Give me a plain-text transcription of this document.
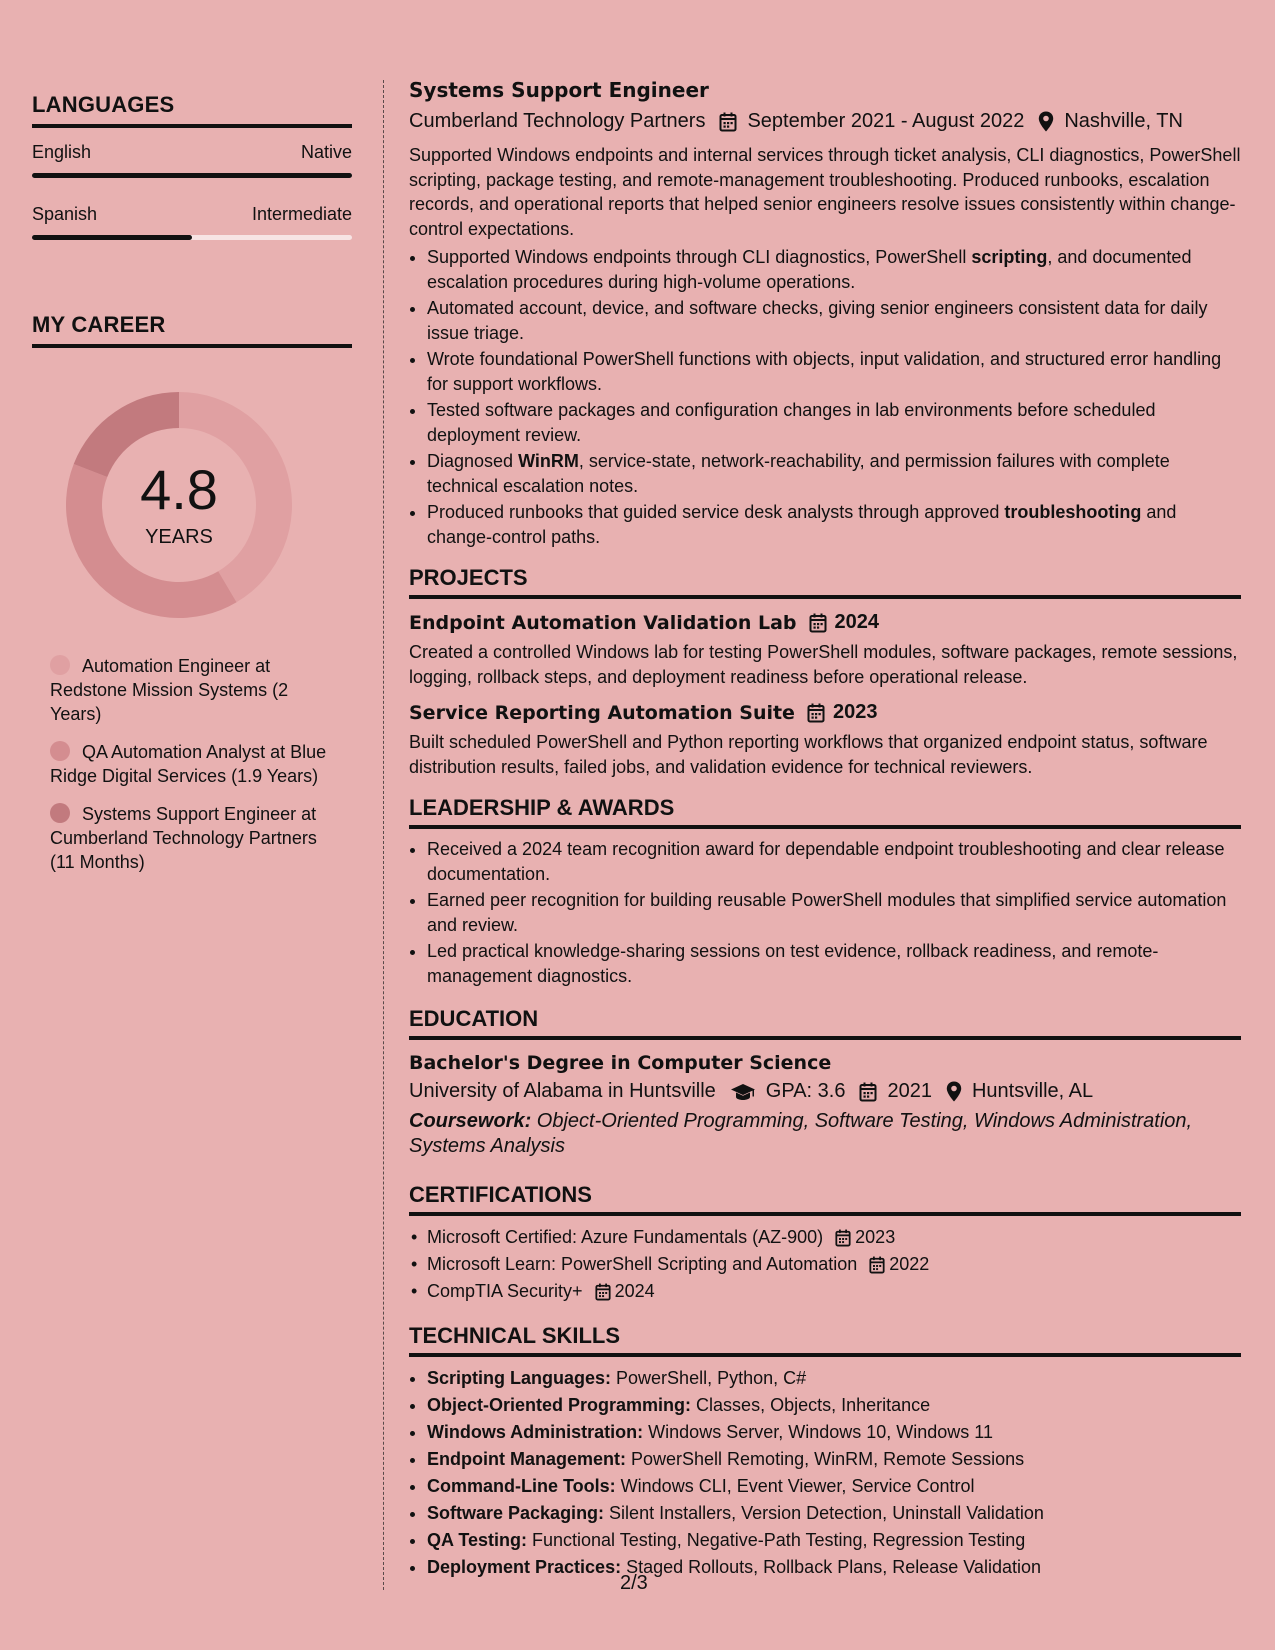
LANGUAGES
English	Native
Spanish	Intermediate
MY CAREER
4.8
YEARS
Automation Engineer at Redstone Mission Systems (2 Years)
QA Automation Analyst at Blue Ridge Digital Services (1.9 Years)
Systems Support Engineer at Cumberland Technology Partners (11 Months)
Systems Support Engineer
Cumberland Technology Partners September 2021 - August 2022 Nashville, TN
Supported Windows endpoints and internal services through ticket analysis, CLI diagnostics, PowerShell scripting, package testing, and remote-management troubleshooting. Produced runbooks, escalation records, and operational reports that helped senior engineers resolve issues consistently within change-control expectations.
• Supported Windows endpoints through CLI diagnostics, PowerShell scripting, and documented escalation procedures during high-volume operations.
• Automated account, device, and software checks, giving senior engineers consistent data for daily issue triage.
• Wrote foundational PowerShell functions with objects, input validation, and structured error handling for support workflows.
• Tested software packages and configuration changes in lab environments before scheduled deployment review.
• Diagnosed WinRM, service-state, network-reachability, and permission failures with complete technical escalation notes.
• Produced runbooks that guided service desk analysts through approved troubleshooting and change-control paths.
PROJECTS
Endpoint Automation Validation Lab 2024
Created a controlled Windows lab for testing PowerShell modules, software packages, remote sessions, logging, rollback steps, and deployment readiness before operational release.
Service Reporting Automation Suite 2023
Built scheduled PowerShell and Python reporting workflows that organized endpoint status, software distribution results, failed jobs, and validation evidence for technical reviewers.
LEADERSHIP & AWARDS
• Received a 2024 team recognition award for dependable endpoint troubleshooting and clear release documentation.
• Earned peer recognition for building reusable PowerShell modules that simplified service automation and review.
• Led practical knowledge-sharing sessions on test evidence, rollback readiness, and remote-management diagnostics.
EDUCATION
Bachelor's Degree in Computer Science
University of Alabama in Huntsville	GPA: 3.6 2021 Huntsville, AL
Coursework: Object-Oriented Programming, Software Testing, Windows Administration, Systems Analysis
CERTIFICATIONS
• Microsoft Certified: Azure Fundamentals (AZ-900) 2023
• Microsoft Learn: PowerShell Scripting and Automation 2022
• CompTIA Security+ 2024
TECHNICAL SKILLS
• Scripting Languages: PowerShell, Python, C#
• Object-Oriented Programming: Classes, Objects, Inheritance
• Windows Administration: Windows Server, Windows 10, Windows 11
• Endpoint Management: PowerShell Remoting, WinRM, Remote Sessions
• Command-Line Tools: Windows CLI, Event Viewer, Service Control
• Software Packaging: Silent Installers, Version Detection, Uninstall Validation
• QA Testing: Functional Testing, Negative-Path Testing, Regression Testing
• Deployment Practices: Staged Rollouts, Rollback Plans, Release Validation
2/3
